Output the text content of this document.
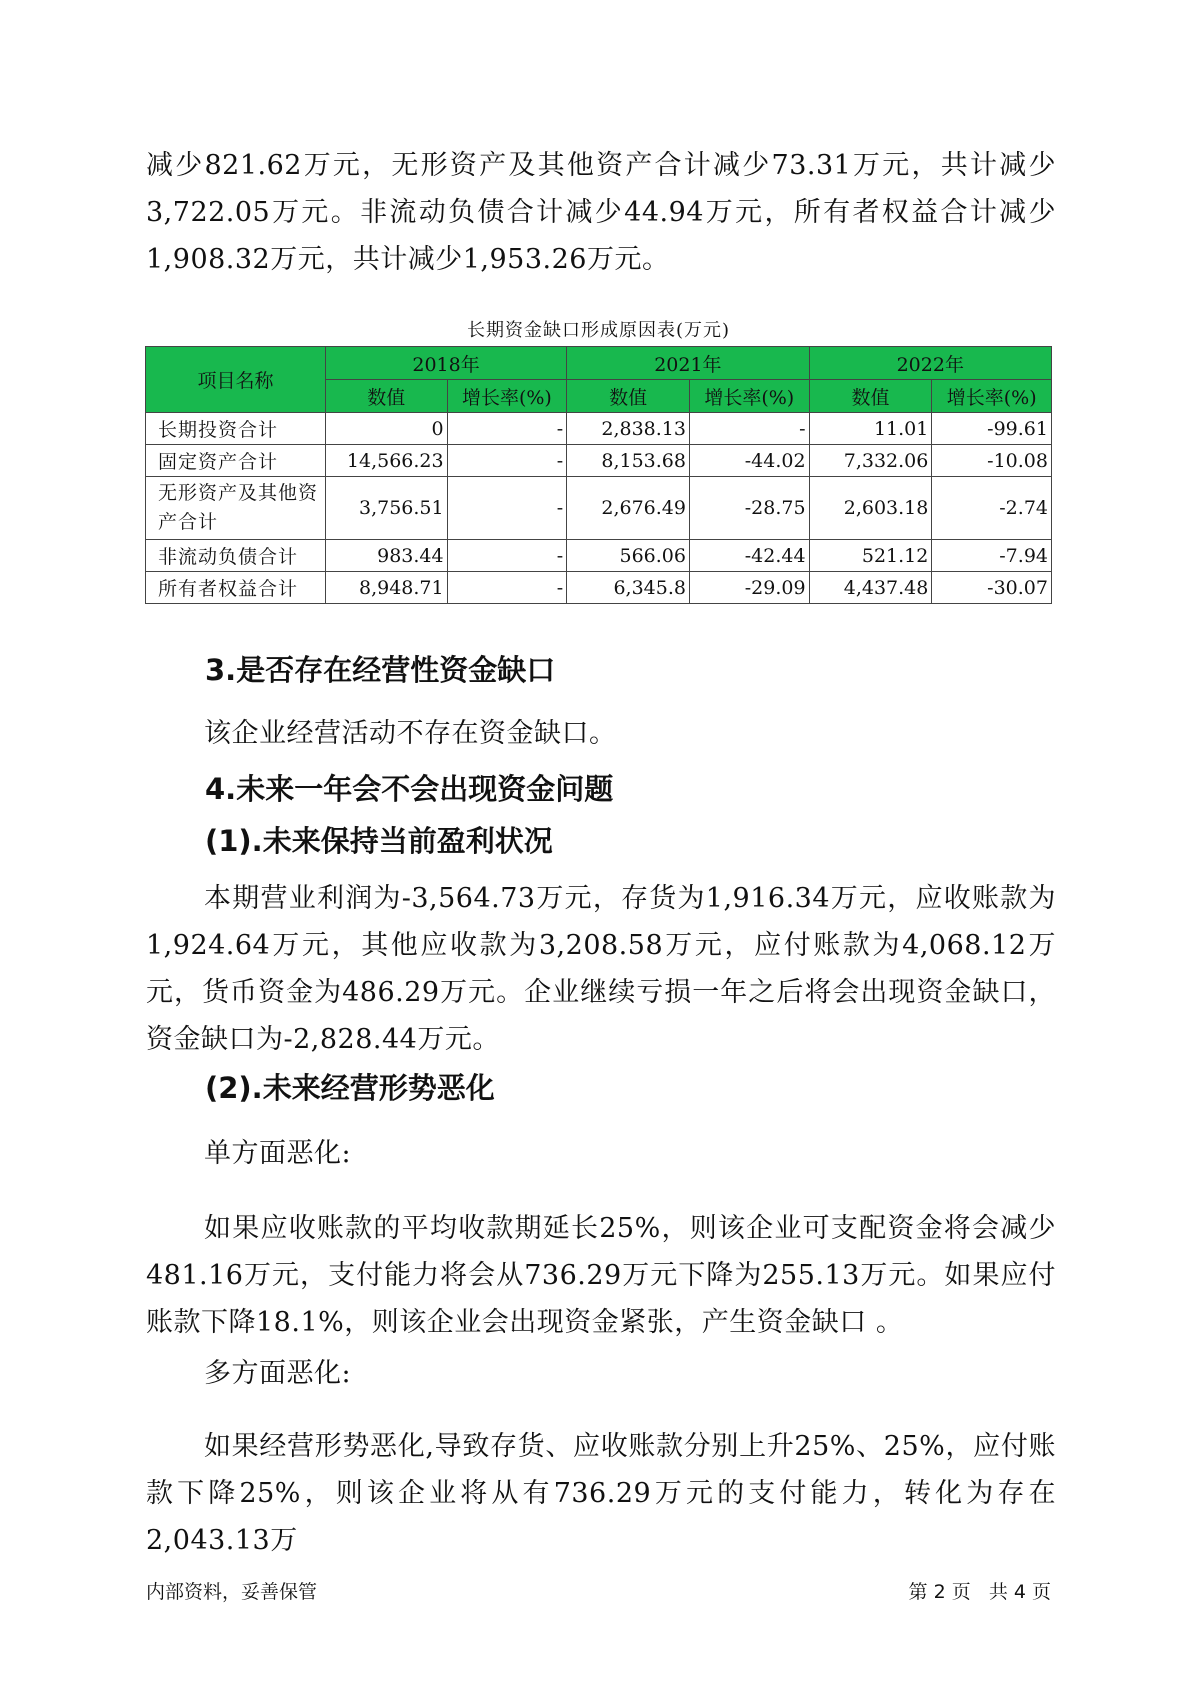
减少821.62万元，无形资产及其他资产合计减少73.31万元，共计减少3,722.05万元。非流动负债合计减少44.94万元，所有者权益合计减少1,908.32万元，共计减少1,953.26万元。

长期资金缺口形成原因表(万元)
项目名称	2018年		2021年		2022年	
	数值	增长率(%)	数值	增长率(%)	数值	增长率(%)
长期投资合计	0	-	2,838.13	-	11.01	-99.61
固定资产合计	14,566.23	-	8,153.68	-44.02	7,332.06	-10.08
无形资产及其他资产合计	3,756.51	-	2,676.49	-28.75	2,603.18	-2.74
非流动负债合计	983.44	-	566.06	-42.44	521.12	-7.94
所有者权益合计	8,948.71	-	6,345.8	-29.09	4,437.48	-30.07
3.是否存在经营性资金缺口

该企业经营活动不存在资金缺口。

4.未来一年会不会出现资金问题
(1).未来保持当前盈利状况

本期营业利润为-3,564.73万元，存货为1,916.34万元，应收账款为1,924.64万元，其他应收款为3,208.58万元，应付账款为4,068.12万元，货币资金为486.29万元。企业继续亏损一年之后将会出现资金缺口，资金缺口为-2,828.44万元。

(2).未来经营形势恶化

单方面恶化:

如果应收账款的平均收款期延长25%，则该企业可支配资金将会减少481.16万元，支付能力将会从736.29万元下降为255.13万元。如果应付账款下降18.1%，则该企业会出现资金紧张，产生资金缺口 。

多方面恶化:

如果经营形势恶化,导致存货、应收账款分别上升25%、25%，应付账款下降25%，则该企业将从有736.29万元的支付能力，转化为存在2,043.13万

内部资料，妥善保管	第 2 页   共 4 页
